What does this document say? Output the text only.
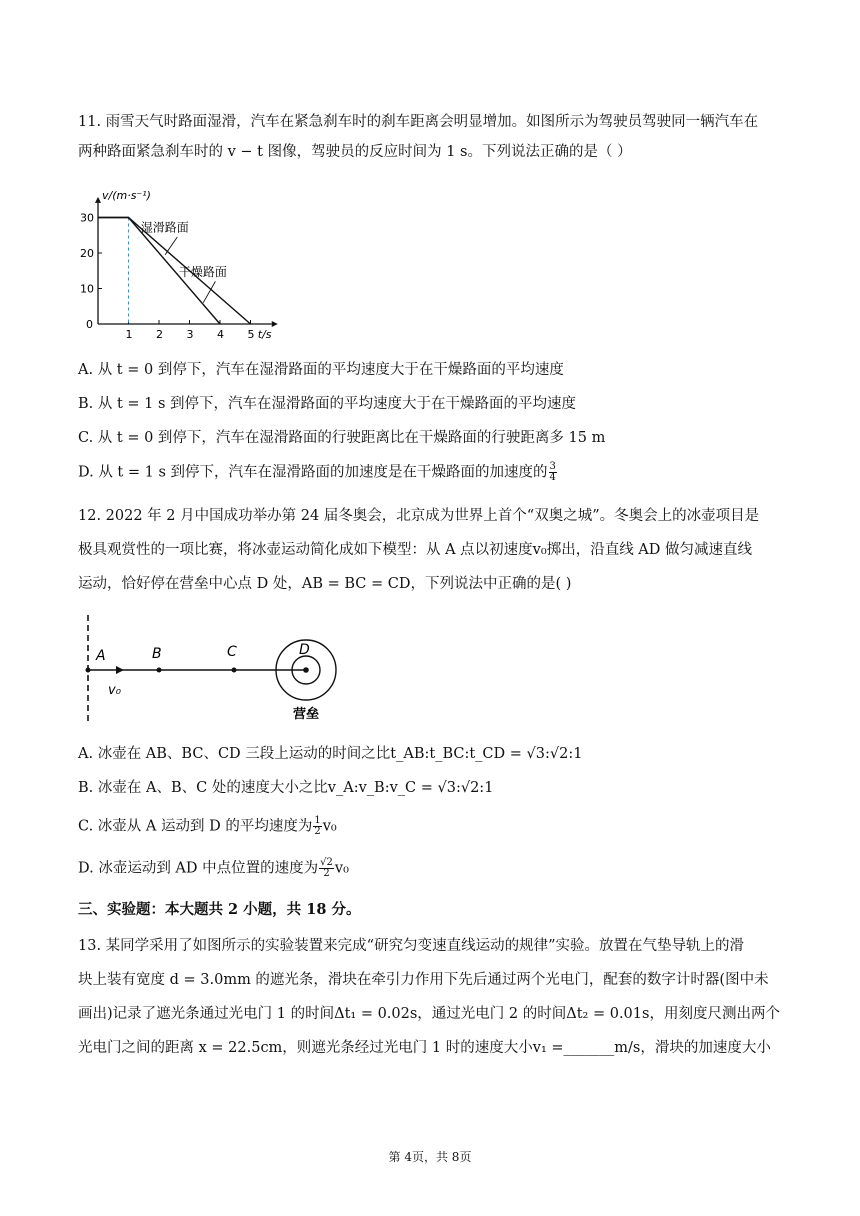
11. 雨雪天气时路面湿滑，汽车在紧急刹车时的刹车距离会明显增加。如图所示为驾驶员驾驶同一辆汽车在
两种路面紧急刹车时的 v − t 图像，驾驶员的反应时间为 1 s。下列说法正确的是（ ）
0
1 2 3 4 5
10
20
30
v/(m·s⁻¹)
t/s
湿滑路面
干燥路面
A. 从 t = 0 到停下，汽车在湿滑路面的平均速度大于在干燥路面的平均速度
B. 从 t = 1 s 到停下，汽车在湿滑路面的平均速度大于在干燥路面的平均速度
C. 从 t = 0 到停下，汽车在湿滑路面的行驶距离比在干燥路面的行驶距离多 15 m
D. 从 t = 1 s 到停下，汽车在湿滑路面的加速度是在干燥路面的加速度的 $\frac{3}{4}$
12. 2022 年 2 月中国成功举办第 24 届冬奥会，北京成为世界上首个“双奥之城”。冬奥会上的冰壶项目是
极具观赏性的一项比赛，将冰壶运动简化成如下模型：从 A 点以初速度v₀掷出，沿直线 AD 做匀减速直线
运动，恰好停在营垒中心点 D 处，AB = BC = CD，下列说法中正确的是( )
A	B	C	D
v₀
营垒
A. 冰壶在 AB、BC、CD 三段上运动的时间之比t_AB:t_BC:t_CD = √3:√2:1
B. 冰壶在 A、B、C 处的速度大小之比v_A:v_B:v_C = √3:√2:1
C. 冰壶从 A 运动到 D 的平均速度为 $\frac{1}{2} v_0$
D. 冰壶运动到 AD 中点位置的速度为 $\frac{√2}{2} v_0$
三、实验题：本大题共 2 小题，共 18 分。
13. 某同学采用了如图所示的实验装置来完成“研究匀变速直线运动的规律”实验。放置在气垫导轨上的滑
块上装有宽度 d = 3.0mm 的遮光条，滑块在牵引力作用下先后通过两个光电门，配套的数字计时器(图中未
画出)记录了遮光条通过光电门 1 的时间Δt₁ = 0.02s，通过光电门 2 的时间Δt₂ = 0.01s，用刻度尺测出两个
光电门之间的距离 x = 22.5cm，则遮光条经过光电门 1 时的速度大小v₁ =_______m/s，滑块的加速度大小
第 4页，共 8页
